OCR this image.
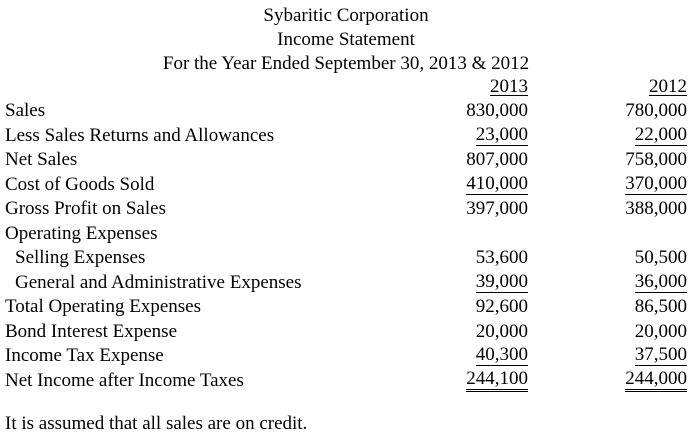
Sybaritic Corporation
Income Statement
For the Year Ended September 30, 2013 & 2012
2013	2012
Sales	830,000	780,000
Less Sales Returns and Allowances	23,000	22,000
Net Sales	807,000	758,000
Cost of Goods Sold	410,000	370,000
Gross Profit on Sales	397,000	388,000
Operating Expenses
Selling Expenses	53,600	50,500
General and Administrative Expenses	39,000	36,000
Total Operating Expenses	92,600	86,500
Bond Interest Expense	20,000	20,000
Income Tax Expense	40,300	37,500
Net Income after Income Taxes	244,100	244,000
It is assumed that all sales are on credit.
